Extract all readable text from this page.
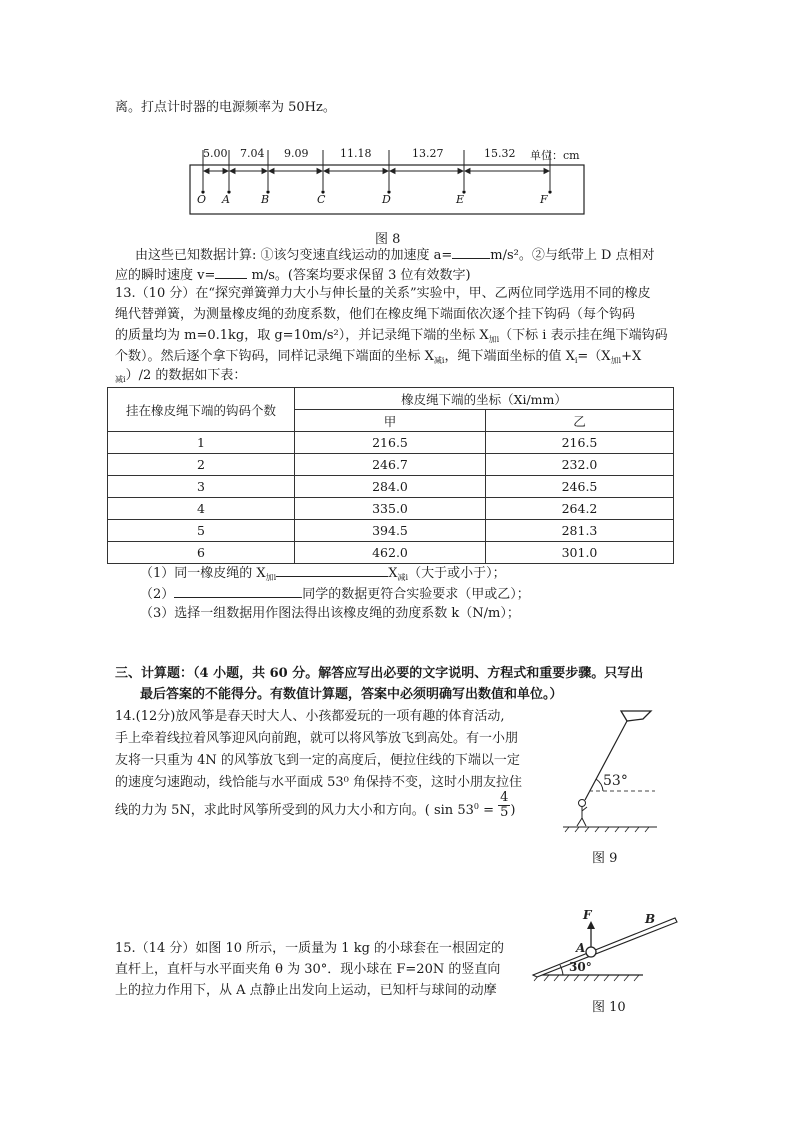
离。打点计时器的电源频率为 50Hz。
5.00 7.04 9.09	11.18	13.27	15.32 单位：cm
O A	B	C	D	E	F
图 8
由这些已知数据计算: ①该匀变速直线运动的加速度 a=	m/s²。②与纸带上 D 点相对
应的瞬时速度 v= m/s。(答案均要求保留 3 位有效数字)
13.（10 分）在“探究弹簧弹力大小与伸长量的关系”实验中，甲、乙两位同学选用不同的橡皮
绳代替弹簧，为测量橡皮绳的劲度系数，他们在橡皮绳下端面依次逐个挂下钩码（每个钩码
的质量均为 m=0.1kg，取 g=10m/s²），并记录绳下端的坐标 $X_{加i}$（下标 i 表示挂在绳下端钩码
个数）。然后逐个拿下钩码，同样记录绳下端面的坐标 $X_{减i}$，绳下端面坐标的值 $X_i=(X_{加i}+X$
$_{减i}$）/2 的数据如下表：
挂在橡皮绳下端的钩码个数	橡皮绳下端的坐标（Xi/mm）	
	甲	乙
1	216.5	216.5
2	246.7	232.0
3	284.0	246.5
4	335.0	264.2
5	394.5	281.3
6	462.0	301.0
（1）同一橡皮绳的 $X_{加i}$	$X_{减i}$（大于或小于）；
（2）	同学的数据更符合实验要求（甲或乙）；
（3）选择一组数据用作图法得出该橡皮绳的劲度系数 k（N/m）；
三、计算题：（4 小题，共 60 分。解答应写出必要的文字说明、方程式和重要步骤。只写出
最后答案的不能得分。有数值计算题，答案中必须明确写出数值和单位。）
14.(12分)放风筝是春天时大人、小孩都爱玩的一项有趣的体育活动,
手上牵着线拉着风筝迎风向前跑，就可以将风筝放飞到高处。有一小朋
友将一只重为 4N 的风筝放飞到一定的高度后，便拉住线的下端以一定
的速度匀速跑动，线恰能与水平面成 53⁰ 角保持不变，这时小朋友拉住
线的力为 5N，求此时风筝所受到的风力大小和方向。( $\sin 53^0 = \frac{4}{5}$ )
53°
图 9
15.（14 分）如图 10 所示，一质量为 1 kg 的小球套在一根固定的
直杆上，直杆与水平面夹角 θ 为 30°．现小球在 F=20N 的竖直向
上的拉力作用下，从 A 点静止出发向上运动，已知杆与球间的动摩
F
A
B
30°
图 10
